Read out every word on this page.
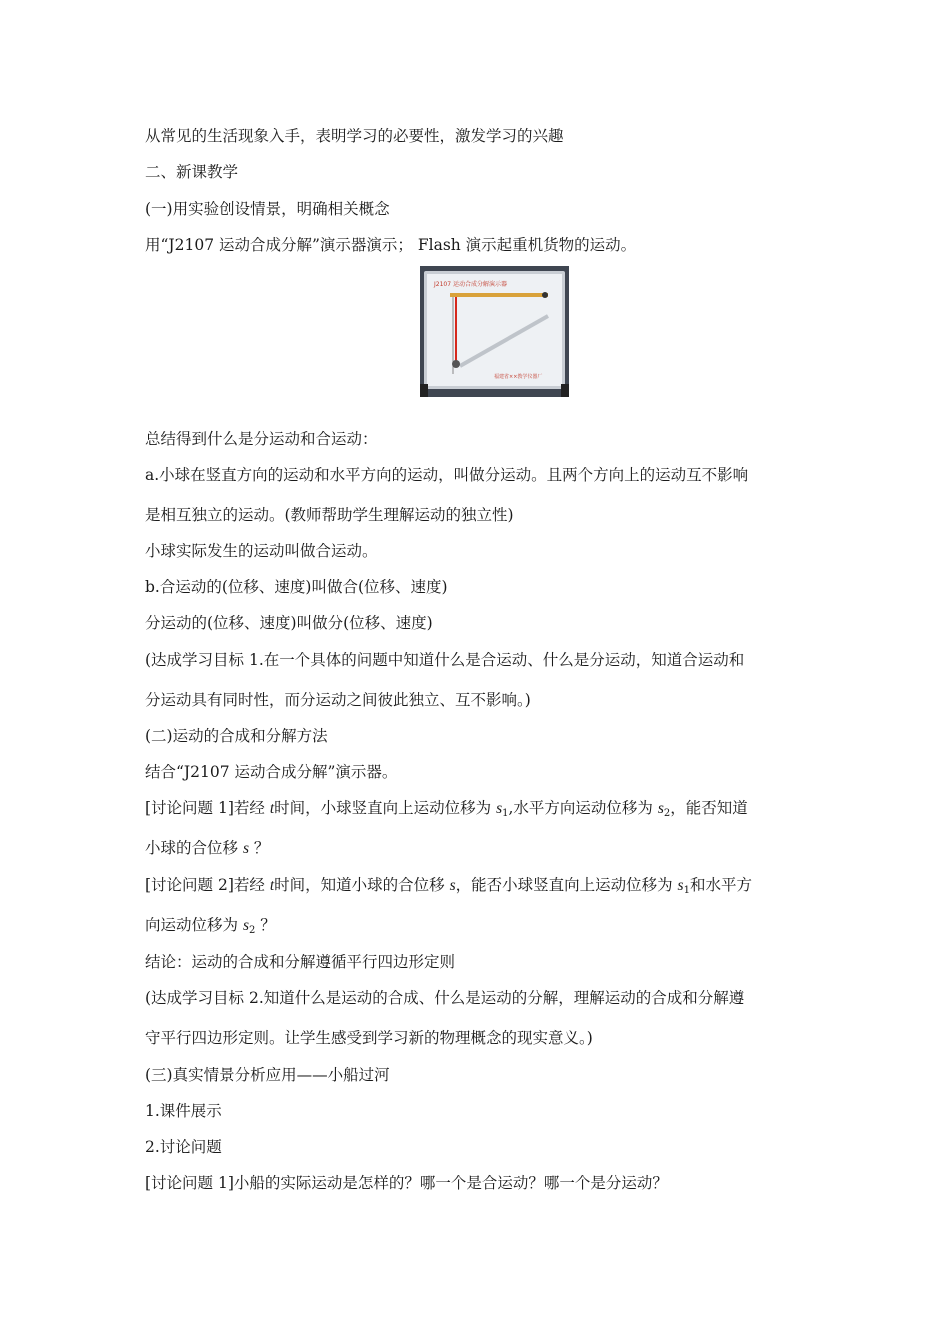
从常见的生活现象入手，表明学习的必要性，激发学习的兴趣
二、新课教学
(一)用实验创设情景，明确相关概念
用“J2107 运动合成分解”演示器演示； Flash 演示起重机货物的运动。
J2107 运动合成分解演示器
福建省××教学仪器厂
总结得到什么是分运动和合运动：
a.小球在竖直方向的运动和水平方向的运动，叫做分运动。且两个方向上的运动互不影响
是相互独立的运动。(教师帮助学生理解运动的独立性)
小球实际发生的运动叫做合运动。
b.合运动的(位移、速度)叫做合(位移、速度)
分运动的(位移、速度)叫做分(位移、速度)
(达成学习目标 1.在一个具体的问题中知道什么是合运动、什么是分运动，知道合运动和
分运动具有同时性，而分运动之间彼此独立、互不影响。)
(二)运动的合成和分解方法
结合“J2107 运动合成分解”演示器。
[讨论问题 1]若经 t时间，小球竖直向上运动位移为 $s_1$,水平方向运动位移为 $s_2$，能否知道
小球的合位移 s ？
[讨论问题 2]若经 t时间，知道小球的合位移 s，能否小球竖直向上运动位移为 $s_1$和水平方
向运动位移为 $s_2$ ？
结论：运动的合成和分解遵循平行四边形定则
(达成学习目标 2.知道什么是运动的合成、什么是运动的分解，理解运动的合成和分解遵
守平行四边形定则。让学生感受到学习新的物理概念的现实意义。)
(三)真实情景分析应用——小船过河
1.课件展示
2.讨论问题
[讨论问题 1]小船的实际运动是怎样的？哪一个是合运动？哪一个是分运动？
